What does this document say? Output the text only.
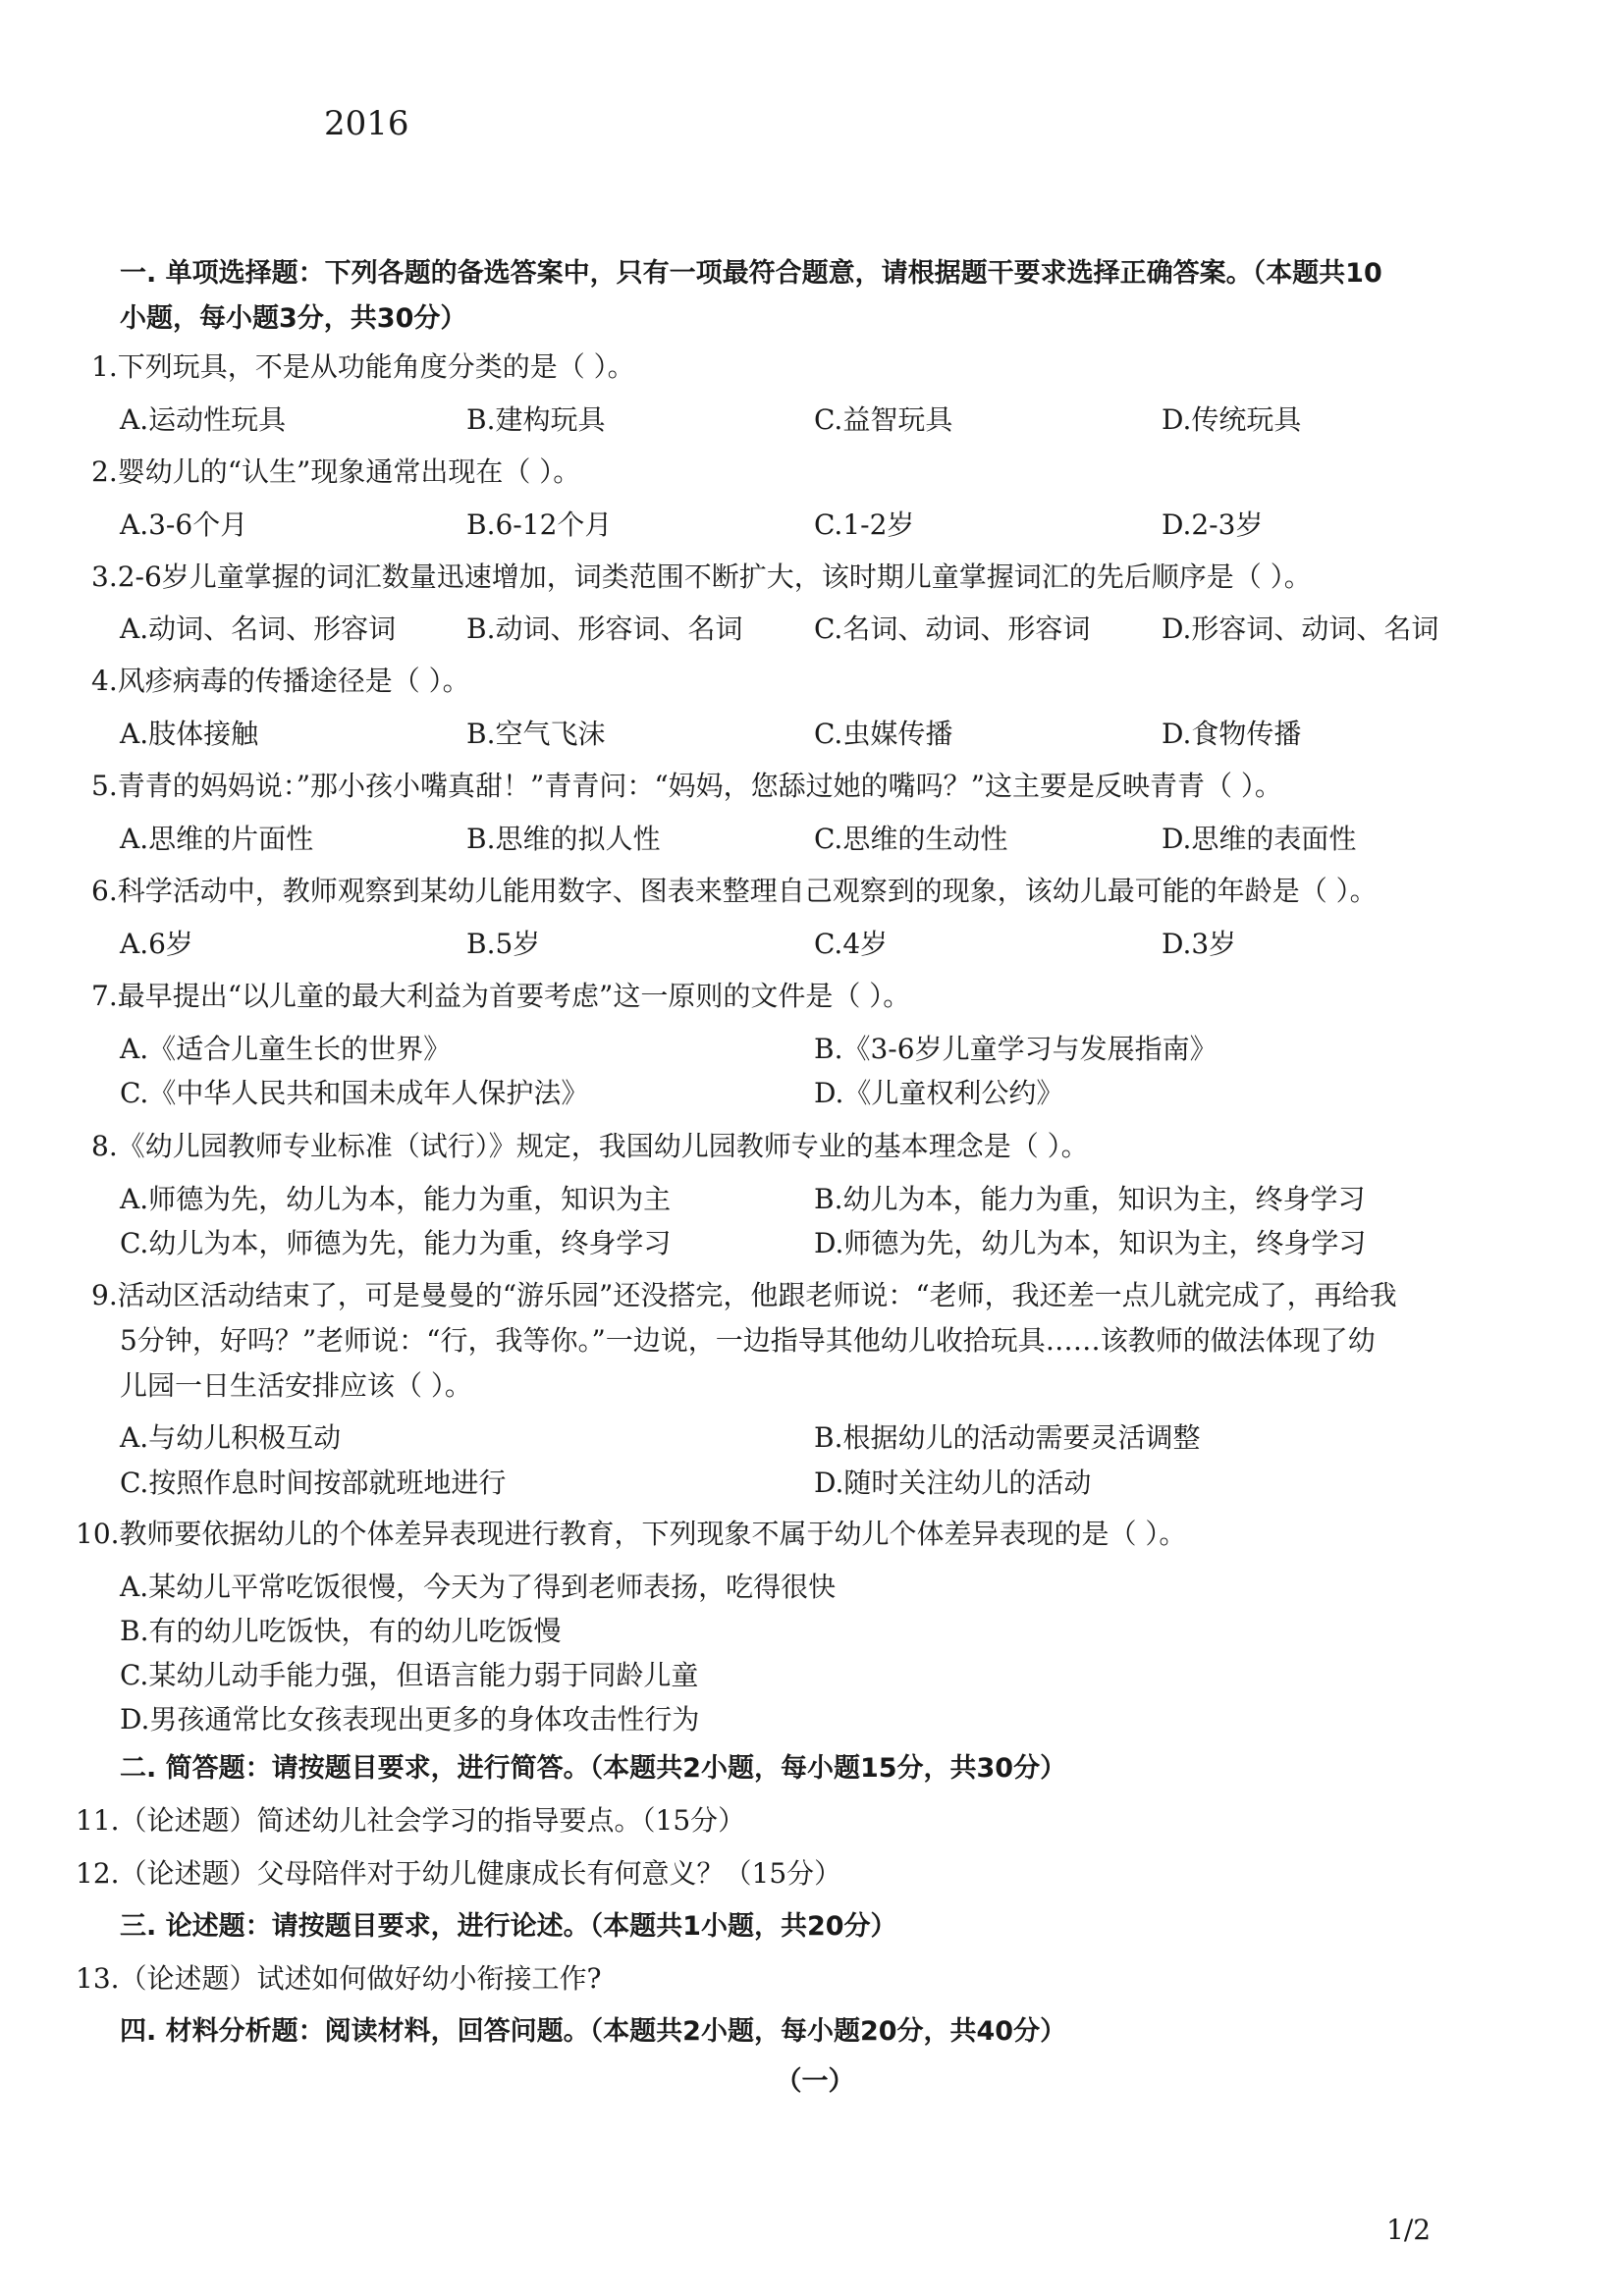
2016
一. 单项选择题：下列各题的备选答案中，只有一项最符合题意，请根据题干要求选择正确答案。（本题共10
小题，每小题3分，共30分）
1.下列玩具，不是从功能角度分类的是（ ）。
A.运动性玩具	B.建构玩具	C.益智玩具	D.传统玩具
2.婴幼儿的“认生”现象通常出现在（ ）。
A.3-6个月	B.6-12个月	C.1-2岁	D.2-3岁
3.2-6岁儿童掌握的词汇数量迅速增加，词类范围不断扩大，该时期儿童掌握词汇的先后顺序是（ ）。
A.动词、名词、形容词	B.动词、形容词、名词	C.名词、动词、形容词	D.形容词、动词、名词
4.风疹病毒的传播途径是（ ）。
A.肢体接触	B.空气飞沫	C.虫媒传播	D.食物传播
5.青青的妈妈说：”那小孩小嘴真甜！”青青问：“妈妈，您舔过她的嘴吗？”这主要是反映青青（ ）。
A.思维的片面性	B.思维的拟人性	C.思维的生动性	D.思维的表面性
6.科学活动中，教师观察到某幼儿能用数字、图表来整理自己观察到的现象，该幼儿最可能的年龄是（ ）。
A.6岁	B.5岁	C.4岁	D.3岁
7.最早提出“以儿童的最大利益为首要考虑”这一原则的文件是（ ）。
A.《适合儿童生长的世界》	B.《3-6岁儿童学习与发展指南》
C.《中华人民共和国未成年人保护法》	D.《儿童权利公约》
8.《幼儿园教师专业标准（试行）》规定，我国幼儿园教师专业的基本理念是（ ）。
A.师德为先，幼儿为本，能力为重，知识为主	B.幼儿为本，能力为重，知识为主，终身学习
C.幼儿为本，师德为先，能力为重，终身学习	D.师德为先，幼儿为本，知识为主，终身学习
9.活动区活动结束了，可是曼曼的“游乐园”还没搭完，他跟老师说：“老师，我还差一点儿就完成了，再给我
5分钟，好吗？”老师说：“行，我等你。”一边说，一边指导其他幼儿收拾玩具……该教师的做法体现了幼
儿园一日生活安排应该（ ）。
A.与幼儿积极互动	B.根据幼儿的活动需要灵活调整
C.按照作息时间按部就班地进行	D.随时关注幼儿的活动
10.教师要依据幼儿的个体差异表现进行教育，下列现象不属于幼儿个体差异表现的是（ ）。
A.某幼儿平常吃饭很慢，今天为了得到老师表扬，吃得很快
B.有的幼儿吃饭快，有的幼儿吃饭慢
C.某幼儿动手能力强，但语言能力弱于同龄儿童
D.男孩通常比女孩表现出更多的身体攻击性行为
二. 简答题：请按题目要求，进行简答。（本题共2小题，每小题15分，共30分）
11.（论述题）简述幼儿社会学习的指导要点。（15分）
12.（论述题）父母陪伴对于幼儿健康成长有何意义？（15分）
三. 论述题：请按题目要求，进行论述。（本题共1小题，共20分）
13.（论述题）试述如何做好幼小衔接工作?
四. 材料分析题：阅读材料，回答问题。（本题共2小题，每小题20分，共40分）
（一）
1/2
